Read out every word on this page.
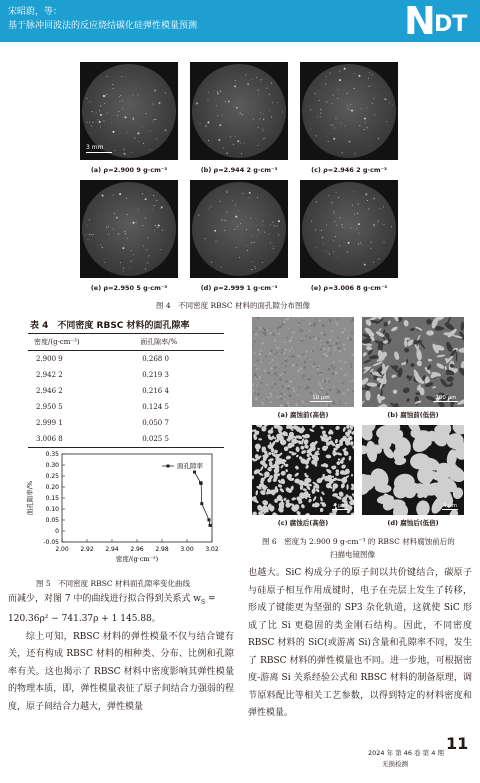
宋昭蔚，等：
基于脉冲回波法的反应烧结碳化硅弹性模量预测	N DT
3 mm
(a) ρ=2.900 9 g·cm⁻³	(b) ρ=2.944 2 g·cm⁻³	(c) ρ=2.946 2 g·cm⁻³
(e) ρ=2.950 5 g·cm⁻³	(d) ρ=2.999 1 g·cm⁻³	(e) ρ=3.006 8 g·cm⁻³
图 4　不同密度 RBSC 材料的面孔隙分布图像
表 4　不同密度 RBSC 材料的面孔隙率
密度/(g·cm⁻³)	面孔隙率/%
2.900 9	0.268 0
2.942 2	0.219 3
2.946 2	0.216 4
2.950 5	0.124 5
2.999 1	0.050 7
3.006 8	0.025 5
0.35
0.30
0.25
0.20
0.15
0.10
0.05
0
-0.05
2.00 2.92 2.94 2.96 2.98 3.00 3.02
密度/(g·cm⁻³)
面孔隙率/%
面孔隙率
图 5　不同密度 RBSC 材料面孔隙率变化曲线

而减少，对图 7 中的曲线进行拟合得到关系式 $w_S$ =

120.36ρ² − 741.37ρ + 1 145.88。

综上可知，RBSC 材料的弹性模量不仅与结合键有关，还有构成 RBSC 材料的相种类、分布、比例和孔隙率有关。这也揭示了 RBSC 材料中密度影响其弹性模量的物理本质，即，弹性模量表征了原子间结合力强弱的程度，原子间结合力越大，弹性模量

10 μm	100 μm
(a) 腐蚀前(高倍)	(b) 腐蚀前(低倍)
4 μm	4 μm
(c) 腐蚀后(高倍)	(d) 腐蚀后(低倍)
图 6　密度为 2.900 9 g·cm⁻³ 的 RBSC 材料腐蚀前后的
扫描电镜图像

也越大。SiC 构成分子的原子间以共价键结合，碳原子与硅原子相互作用成键时，电子在壳层上发生了转移，形成了键能更为坚强的 SP3 杂化轨道，这就使 SiC 形成了比 Si 更稳固的类金刚石结构。因此，不同密度 RBSC 材料的 SiC(或游离 Si)含量和孔隙率不同，发生了 RBSC 材料的弹性模量也不同。进一步地，可根据密度-游离 Si 关系经验公式和 RBSC 材料的制备原理，调节原料配比等相关工艺参数，以得到特定的材料密度和弹性模量。

2024 年 第 46 卷 第 4 期
无损检测
11
